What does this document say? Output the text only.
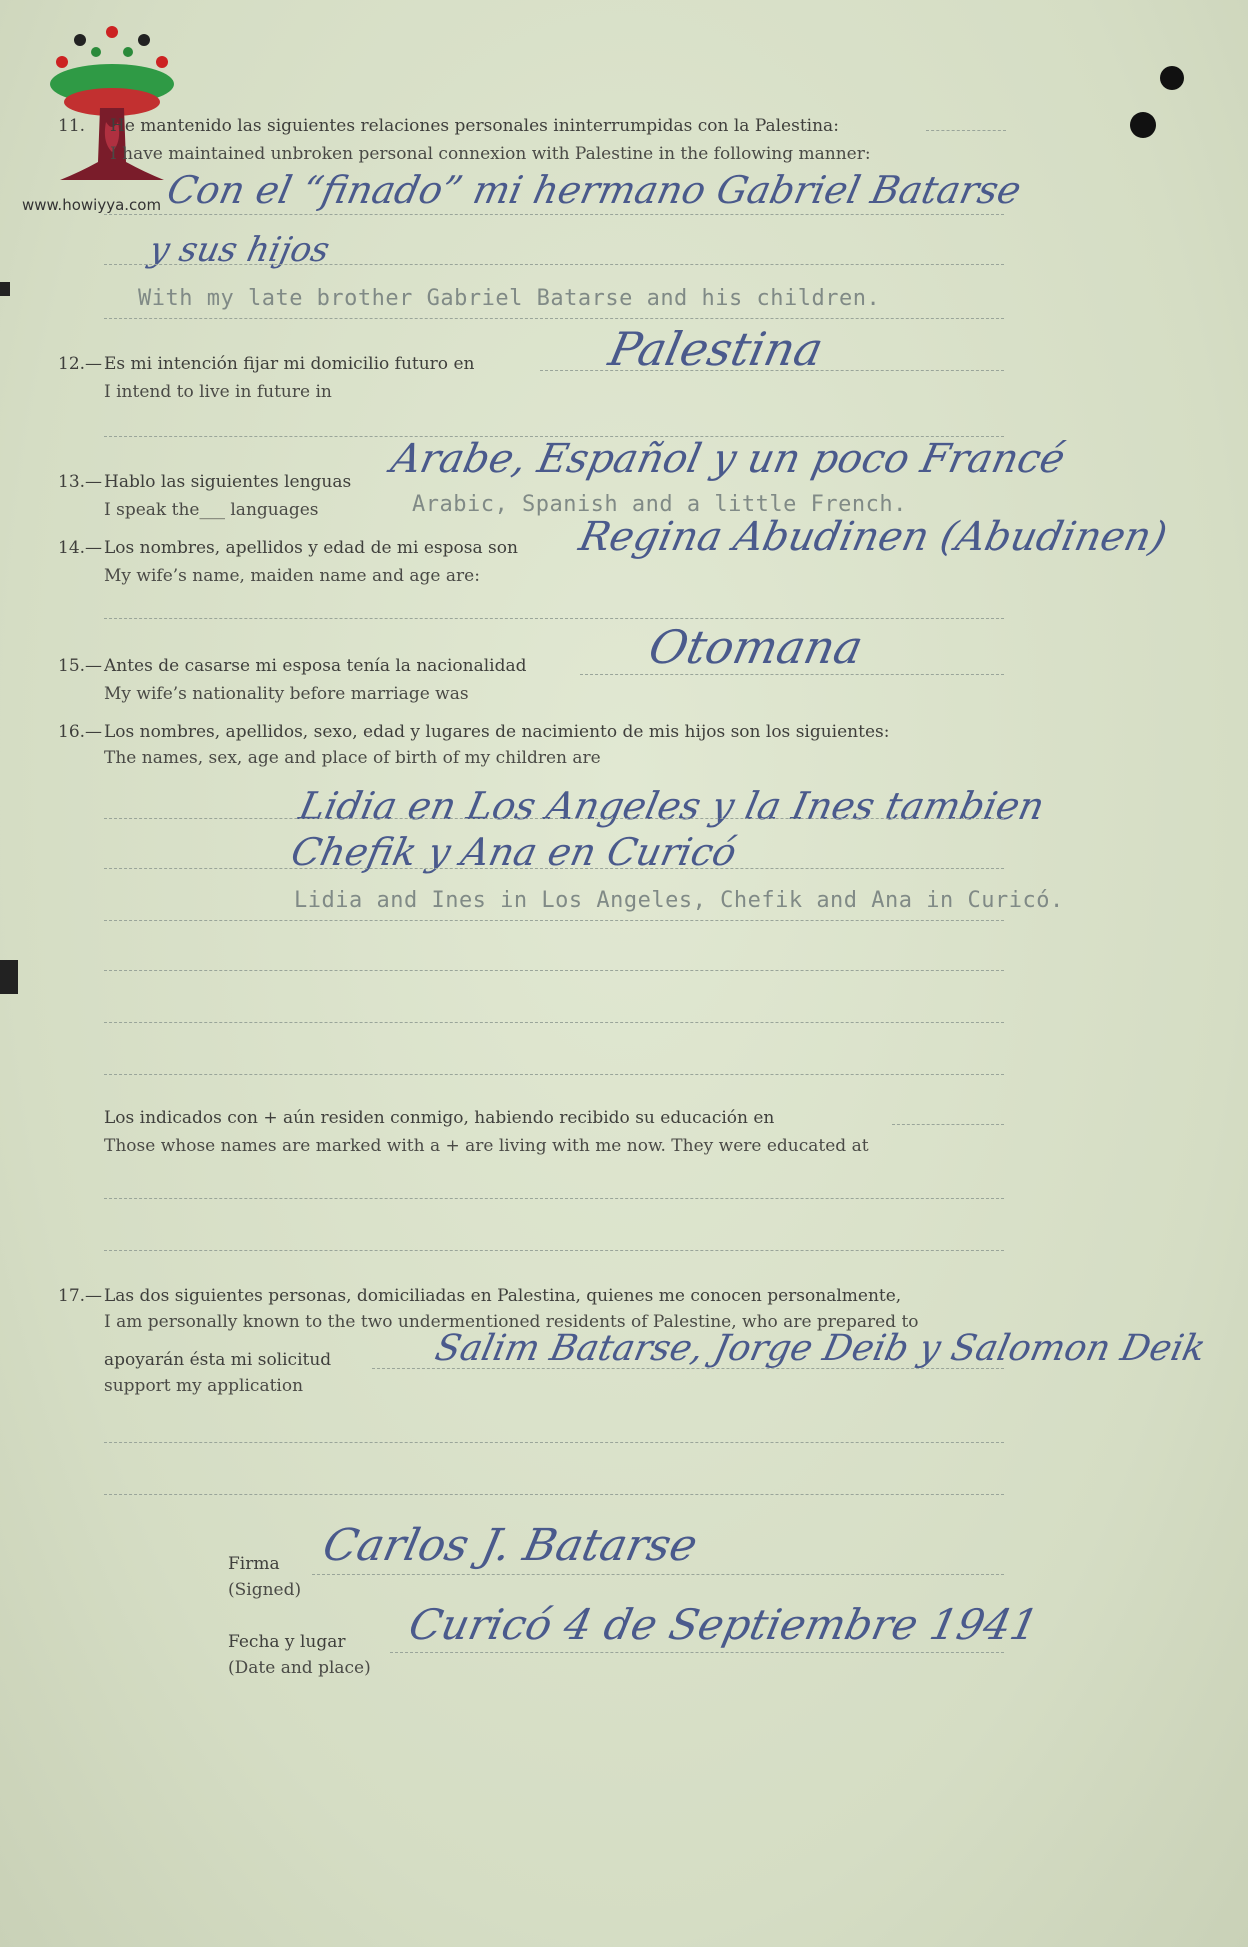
www.howiyya.com
11. He mantenido las siguientes relaciones personales ininterrumpidas con la Palestina:
I have maintained unbroken personal connexion with Palestine in the following manner:
Con el “finado” mi hermano Gabriel Batarse
y sus hijos
With my late brother Gabriel Batarse and his children.
12.— Es mi intención fijar mi domicilio futuro en	Palestina
I intend to live in future in
13.— Hablo las siguientes lenguas Arabe, Español y un poco Francé
I speak the___ languages	Arabic, Spanish and a little French.
14.— Los nombres, apellidos y edad de mi esposa son Regina Abudinen (Abudinen)
My wife’s name, maiden name and age are:
15.— Antes de casarse mi esposa tenía la nacionalidad	Otomana
My wife’s nationality before marriage was
16.— Los nombres, apellidos, sexo, edad y lugares de nacimiento de mis hijos son los siguientes:
The names, sex, age and place of birth of my children are
Lidia en Los Angeles y la Ines tambien
Chefik y Ana en Curicó
Lidia and Ines in Los Angeles, Chefik and Ana in Curicó.
Los indicados con + aún residen conmigo, habiendo recibido su educación en
Those whose names are marked with a + are living with me now. They were educated at
17.— Las dos siguientes personas, domiciliadas en Palestina, quienes me conocen personalmente,
I am personally known to the two undermentioned residents of Palestine, who are prepared to
apoyarán ésta mi solicitud	Salim Batarse, Jorge Deib y Salomon Deik
support my application
Firma
(Signed)
Carlos J. Batarse
Fecha y lugar
(Date and place)
Curicó 4 de Septiembre 1941
